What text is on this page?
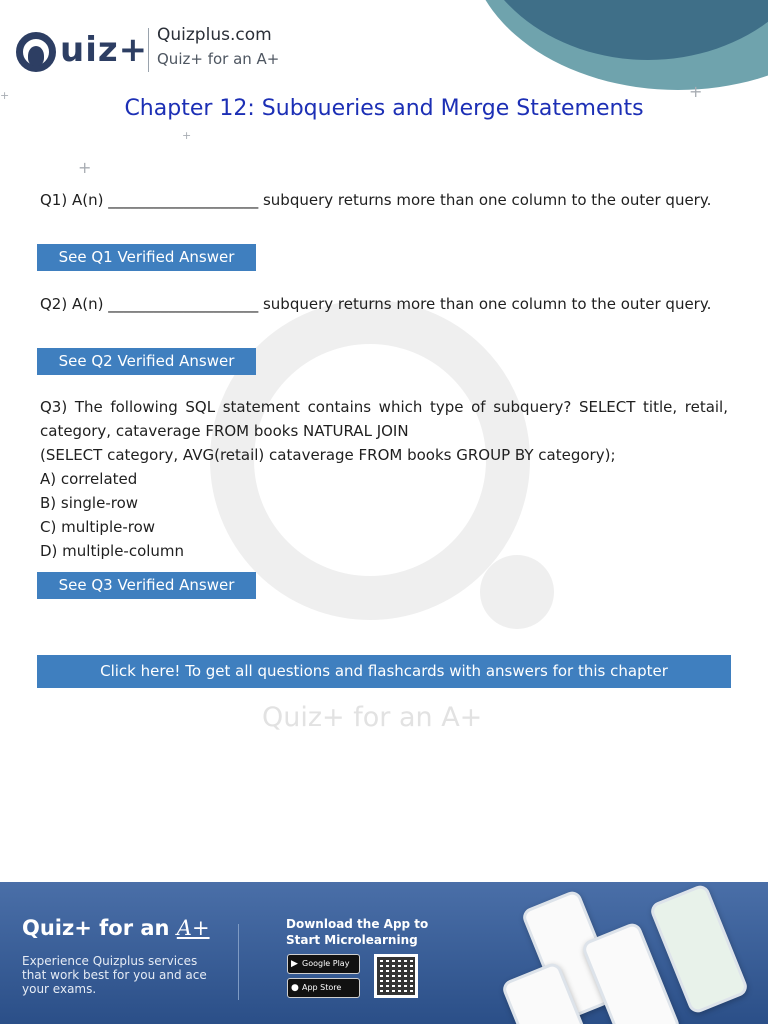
+
+
+
+
Quiz+ for an A+
uiz+ Quizplus.com
Quiz+ for an A+
Chapter 12: Subqueries and Merge Statements
Q1) A(n) ____________________ subquery returns more than one column to the outer query.
See Q1 Verified Answer
Q2) A(n) ____________________ subquery returns more than one column to the outer query.
See Q2 Verified Answer
Q3) The following SQL statement contains which type of subquery? SELECT title, retail, category, cataverage FROM books NATURAL JOIN
(SELECT category, AVG(retail) cataverage FROM books GROUP BY category);
A) correlated
B) single-row
C) multiple-row
D) multiple-column
See Q3 Verified Answer
Click here! To get all questions and flashcards with answers for this chapter
Quiz+ for an A+
Experience Quizplus services that work best for you and ace your exams.
Download the App to
Start Microlearning
▶ Google Play
● App Store
